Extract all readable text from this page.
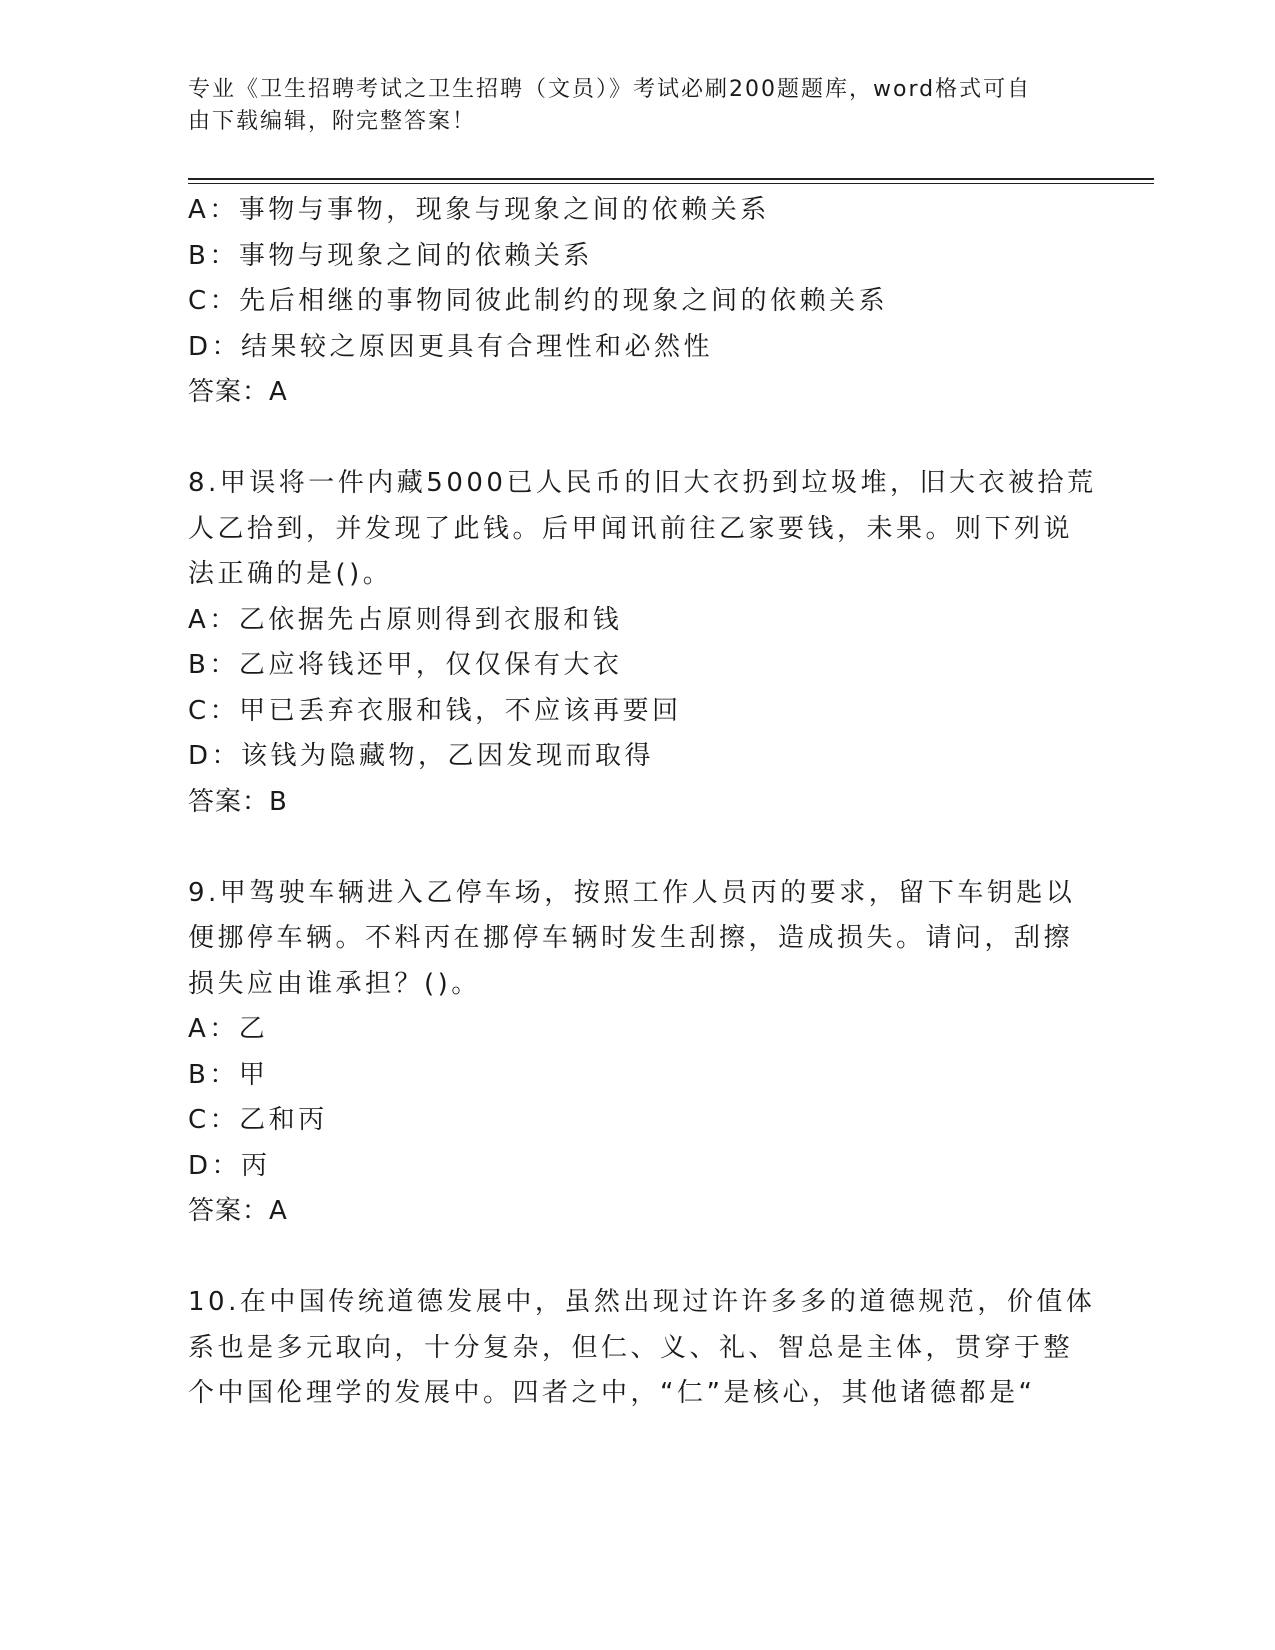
专业《卫生招聘考试之卫生招聘（文员）》考试必刷200题题库，word格式可自
由下载编辑，附完整答案！
A：事物与事物，现象与现象之间的依赖关系
B：事物与现象之间的依赖关系
C：先后相继的事物同彼此制约的现象之间的依赖关系
D：结果较之原因更具有合理性和必然性
答案：A
8.甲误将一件内藏5000已人民币的旧大衣扔到垃圾堆，旧大衣被拾荒
人乙拾到，并发现了此钱。后甲闻讯前往乙家要钱，未果。则下列说
法正确的是()。
A：乙依据先占原则得到衣服和钱
B：乙应将钱还甲，仅仅保有大衣
C：甲已丢弃衣服和钱，不应该再要回
D：该钱为隐藏物，乙因发现而取得
答案：B
9.甲驾驶车辆进入乙停车场，按照工作人员丙的要求，留下车钥匙以
便挪停车辆。不料丙在挪停车辆时发生刮擦，造成损失。请问，刮擦
损失应由谁承担？()。
A：乙
B：甲
C：乙和丙
D：丙
答案：A
10.在中国传统道德发展中，虽然出现过许许多多的道德规范，价值体
系也是多元取向，十分复杂，但仁、义、礼、智总是主体，贯穿于整
个中国伦理学的发展中。四者之中，“仁”是核心，其他诸德都是“
